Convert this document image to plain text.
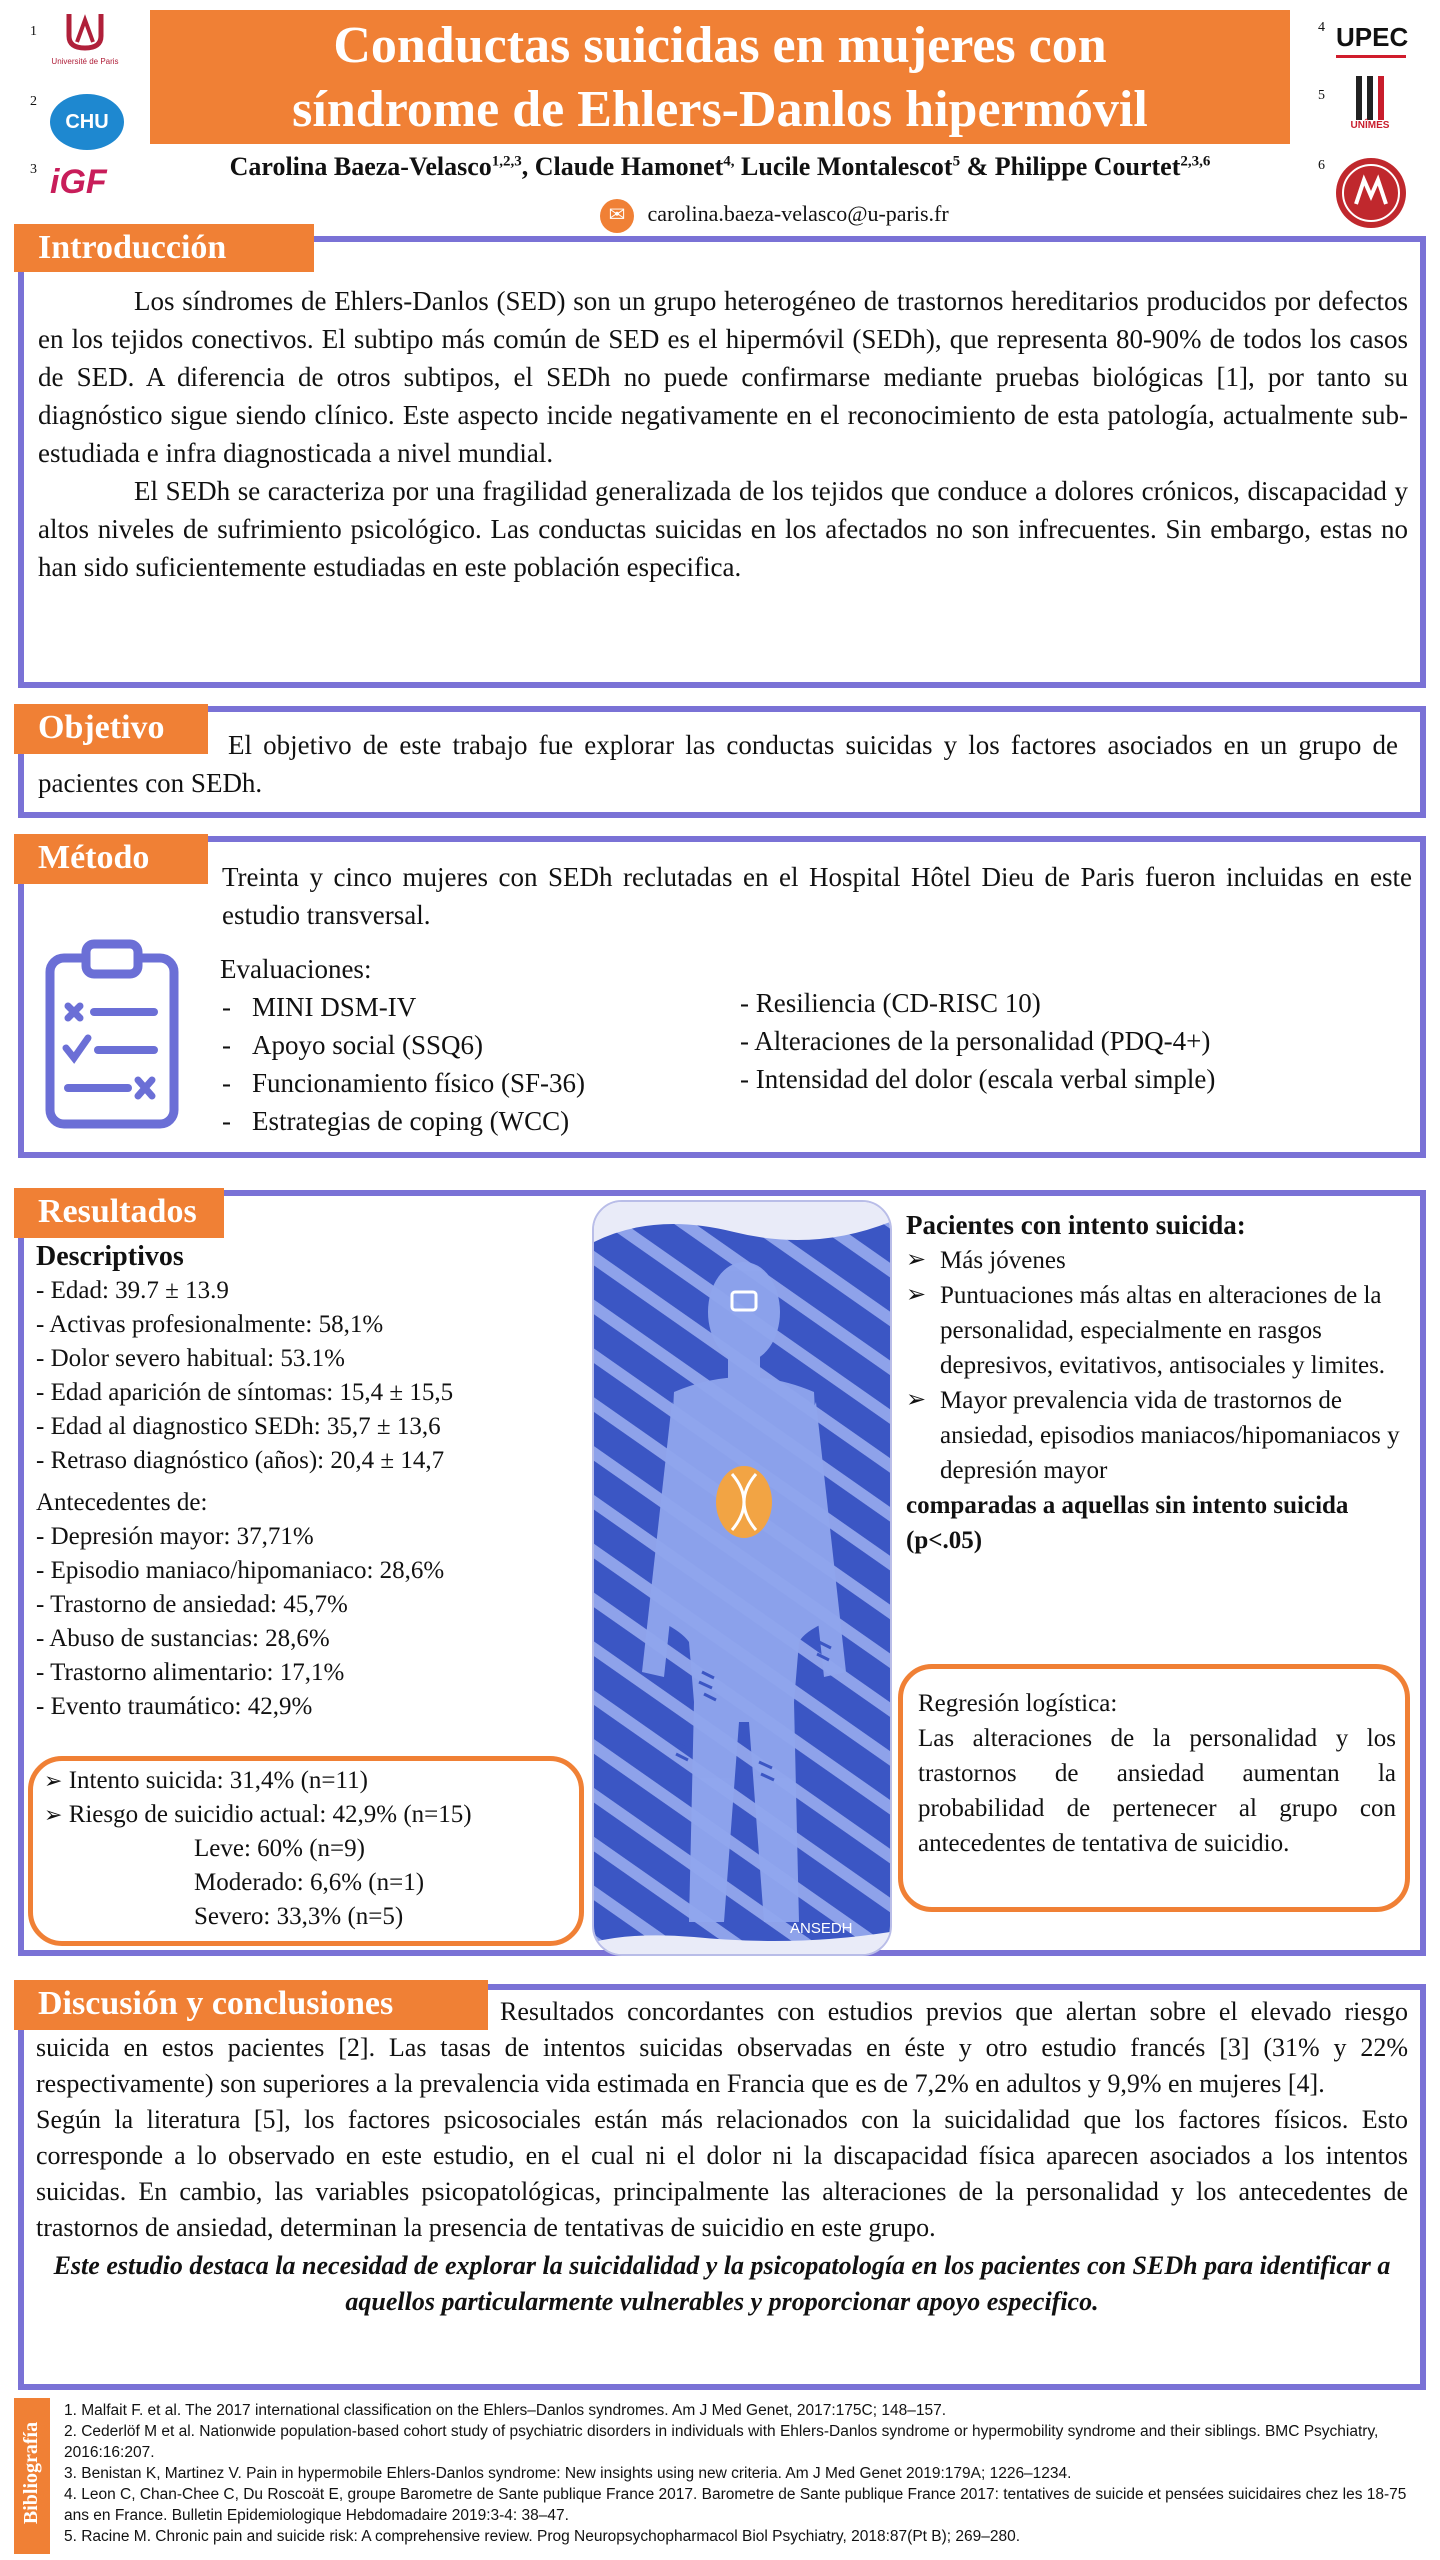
1
Université de Paris
2
CHU
3 iGF
Conductas suicidas en mujeres con
síndrome de Ehlers-Danlos hipermóvil
Carolina Baeza-Velasco$^{1,2,3}$, Claude Hamonet$^{4,}$ Lucile Montalescot$^5$ & Philippe Courtet$^{2,3,6}$
✉ carolina.baeza-velasco@u-paris.fr
4 UPEC
5
UNÎMES
6
Introducción
Los síndromes de Ehlers-Danlos (SED) son un grupo heterogéneo de trastornos hereditarios producidos por defectos en los tejidos conectivos. El subtipo más común de SED es el hipermóvil (SEDh), que representa 80-90% de todos los casos de SED. A diferencia de otros subtipos, el SEDh no puede confirmarse mediante pruebas biológicas [1], por tanto su diagnóstico sigue siendo clínico. Este aspecto incide negativamente en el reconocimiento de esta patología, actualmente sub-estudiada e infra diagnosticada a nivel mundial.
El SEDh se caracteriza por una fragilidad generalizada de los tejidos que conduce a dolores crónicos, discapacidad y altos niveles de sufrimiento psicológico. Las conductas suicidas en los afectados no son infrecuentes. Sin embargo, estas no han sido suficientemente estudiadas en este población especifica.
Objetivo	El objetivo de este trabajo fue explorar las conductas suicidas y los factores asociados en un grupo de pacientes con SEDh.
Método
Treinta y cinco mujeres con SEDh reclutadas en el Hospital Hôtel Dieu de Paris fueron incluidas en este estudio transversal.
Evaluaciones:
- MINI DSM-IV
- Apoyo social (SSQ6)
- Funcionamiento físico (SF-36)
- Estrategias de coping (WCC)
- Resiliencia (CD-RISC 10)
- Alteraciones de la personalidad (PDQ-4+)
- Intensidad del dolor (escala verbal simple)
Resultados
Descriptivos
- Edad: 39.7 ± 13.9
- Activas profesionalmente: 58,1%
- Dolor severo habitual: 53.1%
- Edad aparición de síntomas: 15,4 ± 15,5
- Edad al diagnostico SEDh: 35,7 ± 13,6
- Retraso diagnóstico (años): 20,4 ± 14,7
Antecedentes de:
- Depresión mayor: 37,71%
- Episodio maniaco/hipomaniaco: 28,6%
- Trastorno de ansiedad: 45,7%
- Abuso de sustancias: 28,6%
- Trastorno alimentario: 17,1%
- Evento traumático: 42,9%
➢ Intento suicida: 31,4% (n=11)
➢ Riesgo de suicidio actual: 42,9% (n=15)
Leve: 60% (n=9)
Moderado: 6,6% (n=1)
Severo: 33,3% (n=5)	ANSEDH
Pacientes con intento suicida:
➢ Más jóvenes
➢ Puntuaciones más altas en alteraciones de la personalidad, especialmente en rasgos depresivos, evitativos, antisociales y limites.
➢ Mayor prevalencia vida de trastornos de ansiedad, episodios maniacos/hipomaniacos y depresión mayor
comparadas a aquellas sin intento suicida (p<.05)
Regresión logística:
Las alteraciones de la personalidad y los trastornos de ansiedad aumentan la probabilidad de pertenecer al grupo con antecedentes de tentativa de suicidio.
Discusión y conclusiones	Resultados concordantes con estudios previos que alertan sobre el elevado riesgo suicida en estos pacientes [2]. Las tasas de intentos suicidas observadas en éste y otro estudio francés [3] (31% y 22% respectivamente) son superiores a la prevalencia vida estimada en Francia que es de 7,2% en adultos y 9,9% en mujeres [4].
Según la literatura [5], los factores psicosociales están más relacionados con la suicidalidad que los factores físicos. Esto corresponde a lo observado en este estudio, en el cual ni el dolor ni la discapacidad física aparecen asociados a los intentos suicidas. En cambio, las variables psicopatológicas, principalmente las alteraciones de la personalidad y los antecedentes de trastornos de ansiedad, determinan la presencia de tentativas de suicidio en este grupo.
Este estudio destaca la necesidad de explorar la suicidalidad y la psicopatología en los pacientes con SEDh para identificar a aquellos particularmente vulnerables y proporcionar apoyo especifico.
Bibliografía
1. Malfait F. et al. The 2017 international classification on the Ehlers–Danlos syndromes. Am J Med Genet, 2017:175C; 148–157.
2. Cederlöf M et al. Nationwide population-based cohort study of psychiatric disorders in individuals with Ehlers-Danlos syndrome or hypermobility syndrome and their siblings. BMC Psychiatry, 2016:16:207.
3. Benistan K, Martinez V. Pain in hypermobile Ehlers-Danlos syndrome: New insights using new criteria. Am J Med Genet 2019:179A; 1226–1234.
4. Leon C, Chan-Chee C, Du Roscoät E, groupe Barometre de Sante publique France 2017. Barometre de Sante publique France 2017: tentatives de suicide et pensées suicidaires chez les 18-75 ans en France. Bulletin Epidemiologique Hebdomadaire 2019:3-4: 38–47.
5. Racine M. Chronic pain and suicide risk: A comprehensive review. Prog Neuropsychopharmacol Biol Psychiatry, 2018:87(Pt B); 269–280.
